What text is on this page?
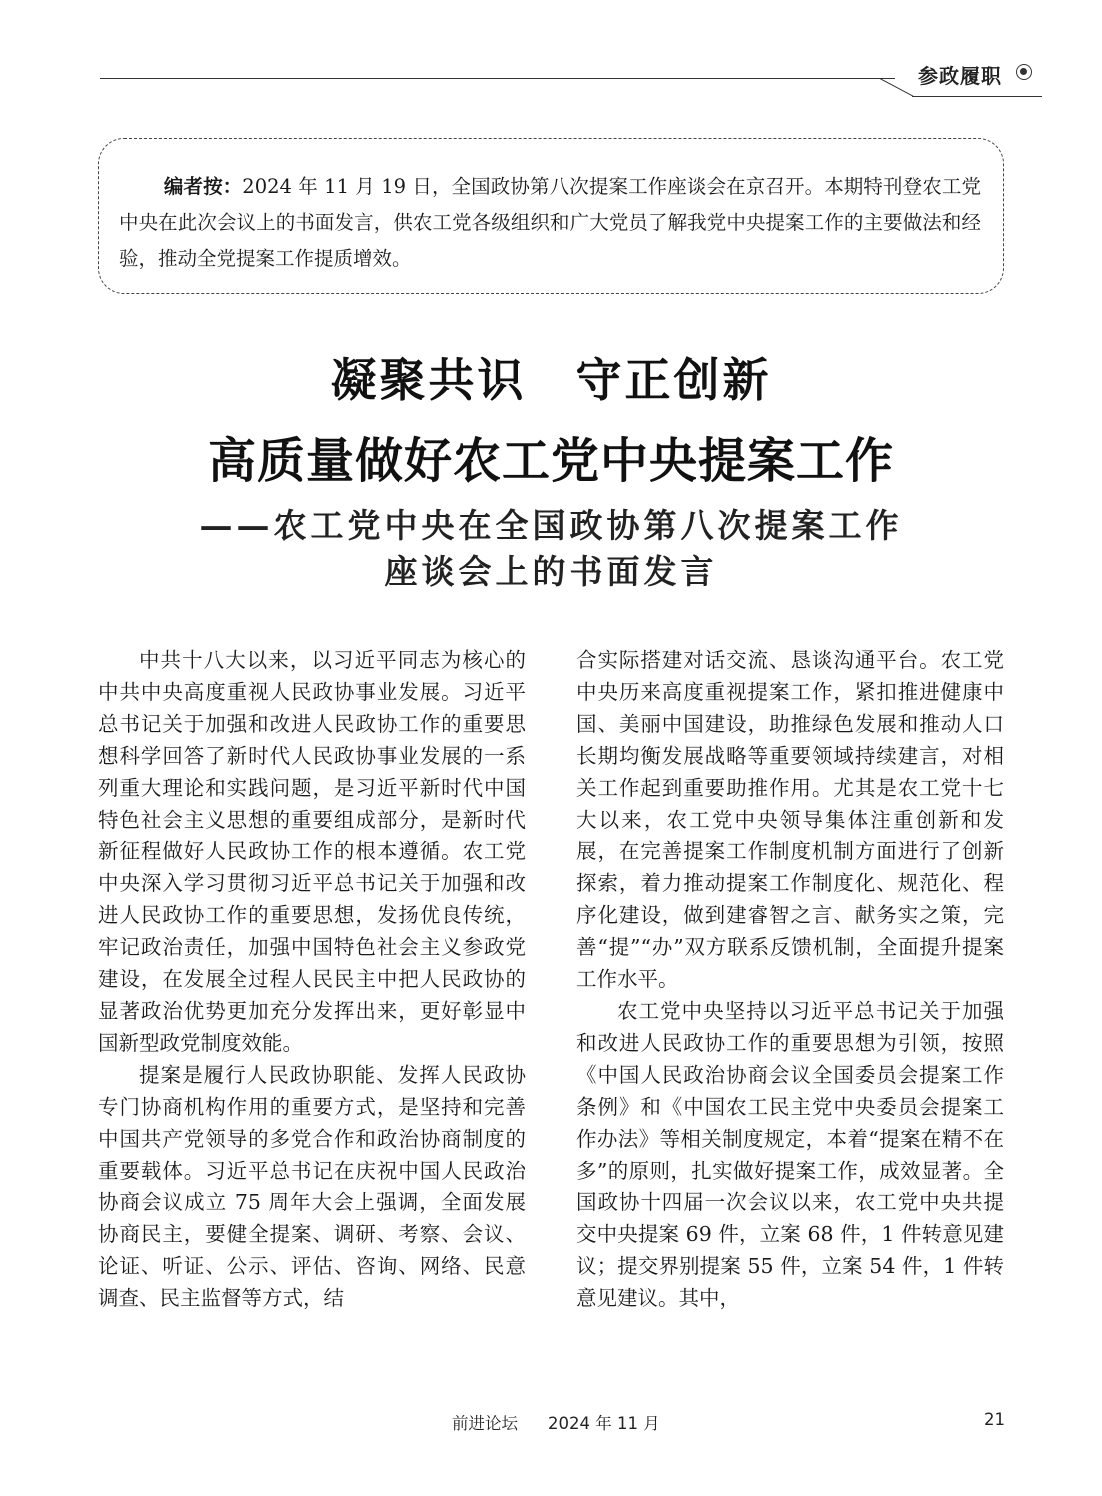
参政履职

编者按：2024 年 11 月 19 日，全国政协第八次提案工作座谈会在京召开。本期特刊登农工党中央在此次会议上的书面发言，供农工党各级组织和广大党员了解我党中央提案工作的主要做法和经验，推动全党提案工作提质增效。

凝聚共识　守正创新
高质量做好农工党中央提案工作
——农工党中央在全国政协第八次提案工作
座谈会上的书面发言

中共十八大以来，以习近平同志为核心的中共中央高度重视人民政协事业发展。习近平总书记关于加强和改进人民政协工作的重要思想科学回答了新时代人民政协事业发展的一系列重大理论和实践问题，是习近平新时代中国特色社会主义思想的重要组成部分，是新时代新征程做好人民政协工作的根本遵循。农工党中央深入学习贯彻习近平总书记关于加强和改进人民政协工作的重要思想，发扬优良传统，牢记政治责任，加强中国特色社会主义参政党建设，在发展全过程人民民主中把人民政协的显著政治优势更加充分发挥出来，更好彰显中国新型政党制度效能。

提案是履行人民政协职能、发挥人民政协专门协商机构作用的重要方式，是坚持和完善中国共产党领导的多党合作和政治协商制度的重要载体。习近平总书记在庆祝中国人民政治协商会议成立 75 周年大会上强调，全面发展协商民主，要健全提案、调研、考察、会议、论证、听证、公示、评估、咨询、网络、民意调查、民主监督等方式，结

合实际搭建对话交流、恳谈沟通平台。农工党中央历来高度重视提案工作，紧扣推进健康中国、美丽中国建设，助推绿色发展和推动人口长期均衡发展战略等重要领域持续建言，对相关工作起到重要助推作用。尤其是农工党十七大以来，农工党中央领导集体注重创新和发展，在完善提案工作制度机制方面进行了创新探索，着力推动提案工作制度化、规范化、程序化建设，做到建睿智之言、献务实之策，完善“提”“办”双方联系反馈机制，全面提升提案工作水平。

农工党中央坚持以习近平总书记关于加强和改进人民政协工作的重要思想为引领，按照《中国人民政治协商会议全国委员会提案工作条例》和《中国农工民主党中央委员会提案工作办法》等相关制度规定，本着“提案在精不在多”的原则，扎实做好提案工作，成效显著。全国政协十四届一次会议以来，农工党中央共提交中央提案 69 件，立案 68 件，1 件转意见建议；提交界别提案 55 件，立案 54 件，1 件转意见建议。其中，

前进论坛 2024 年 11 月	21
